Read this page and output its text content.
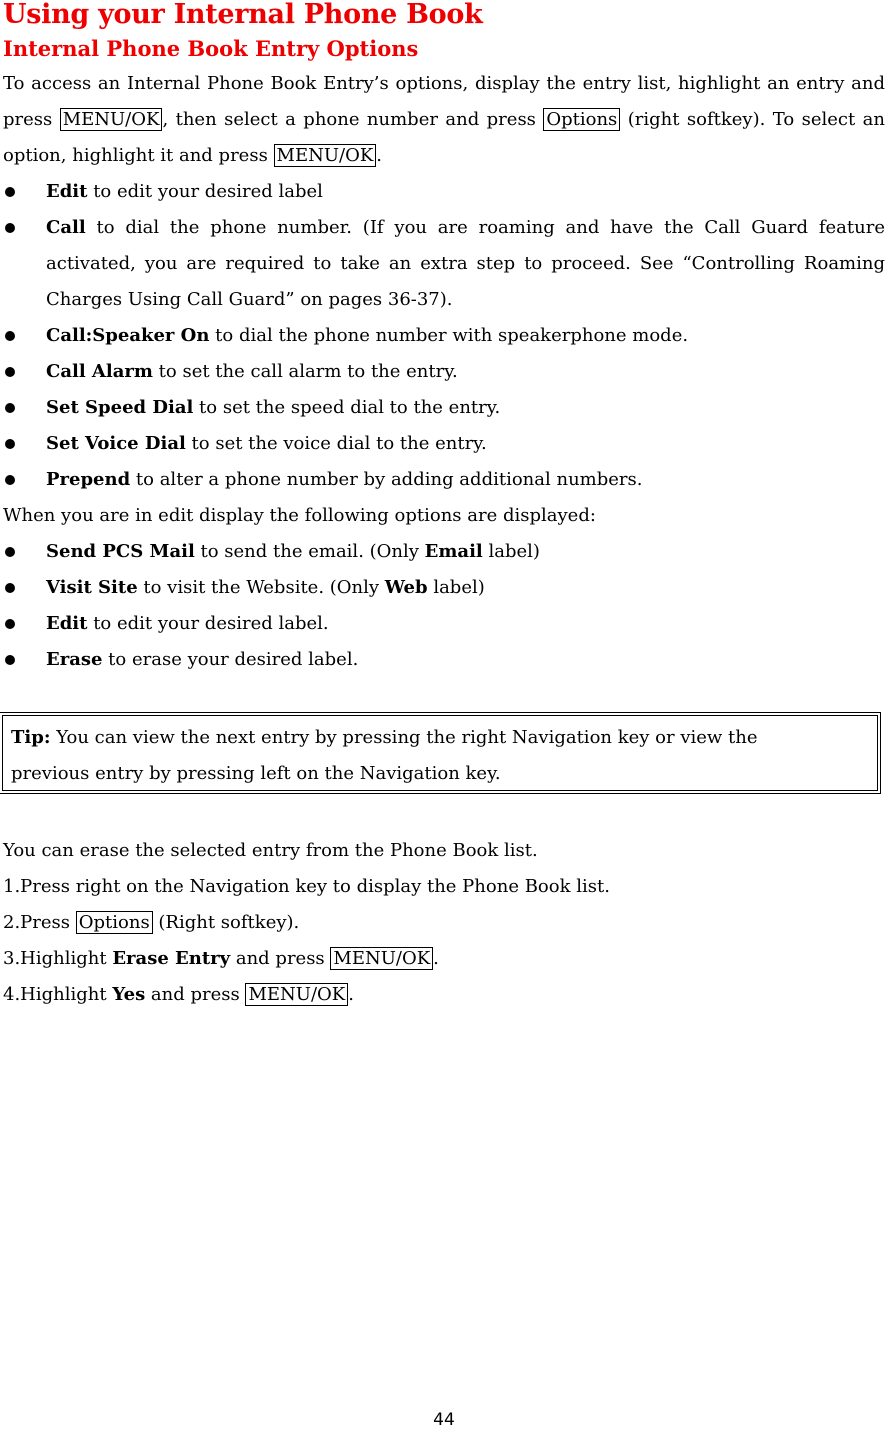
Using your Internal Phone Book
Internal Phone Book Entry Options

To access an Internal Phone Book Entry’s options, display the entry list, highlight an entry and press MENU/OK , then select a phone number and press Options (right softkey). To select an option, highlight it and press MENU/OK .

Edit to edit your desired label
Call to dial the phone number. (If you are roaming and have the Call Guard feature activated, you are required to take an extra step to proceed. See “Controlling Roaming Charges Using Call Guard” on pages 36-37).
Call:Speaker On to dial the phone number with speakerphone mode.
Call Alarm to set the call alarm to the entry.
Set Speed Dial to set the speed dial to the entry.
Set Voice Dial to set the voice dial to the entry.
Prepend to alter a phone number by adding additional numbers.
When you are in edit display the following options are displayed:
Send PCS Mail to send the email. (Only Email label)
Visit Site to visit the Website. (Only Web label)
Edit to edit your desired label.
Erase to erase your desired label.
Tip: You can view the next entry by pressing the right Navigation key or view the
previous entry by pressing left on the Navigation key.
You can erase the selected entry from the Phone Book list.
1.Press right on the Navigation key to display the Phone Book list.
2.Press Options (Right softkey).
3.Highlight Erase Entry and press MENU/OK .
4.Highlight Yes and press MENU/OK .
44
